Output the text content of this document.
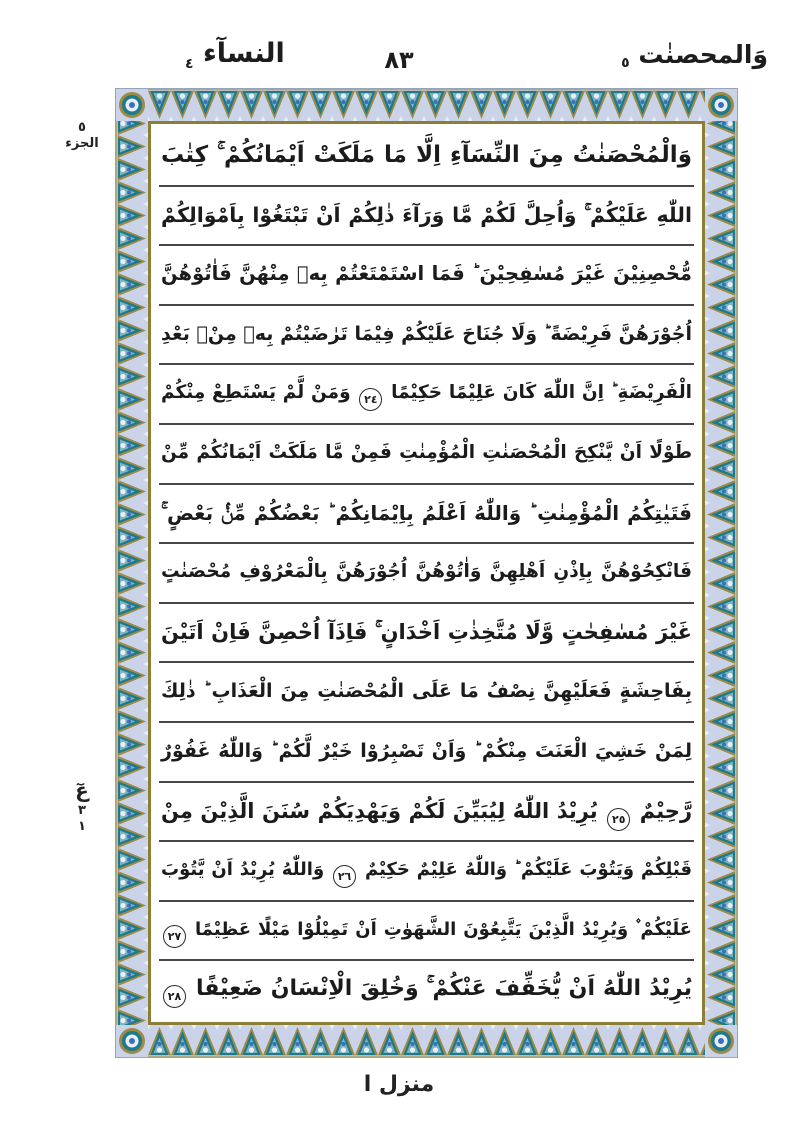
وَالمحصنٰت ٥
٨٣
النسآء $_٤$
٥
الجزء
عٓ
٣
١
وَالْمُحْصَنٰتُ مِنَ النِّسَآءِ اِلَّا مَا مَلَكَتْ اَيْمَانُكُمْ ۚ كِتٰبَ
اللّٰهِ عَلَيْكُمْ ۚ وَاُحِلَّ لَكُمْ مَّا وَرَآءَ ذٰلِكُمْ اَنْ تَبْتَغُوْا بِاَمْوَالِكُمْ
مُّحْصِنِيْنَ غَيْرَ مُسٰفِحِيْنَ ؕ فَمَا اسْتَمْتَعْتُمْ بِهٖ مِنْهُنَّ فَاٰتُوْهُنَّ
اُجُوْرَهُنَّ فَرِيْضَةً ؕ وَلَا جُنَاحَ عَلَيْكُمْ فِيْمَا تَرٰضَيْتُمْ بِهٖ مِنْۢ بَعْدِ
الْفَرِيْضَةِ ؕ اِنَّ اللّٰهَ كَانَ عَلِيْمًا حَكِيْمًا ٢٤ وَمَنْ لَّمْ يَسْتَطِعْ مِنْكُمْ
طَوْلًا اَنْ يَّنْكِحَ الْمُحْصَنٰتِ الْمُؤْمِنٰتِ فَمِنْ مَّا مَلَكَتْ اَيْمَانُكُمْ مِّنْ
فَتَيٰتِكُمُ الْمُؤْمِنٰتِ ؕ وَاللّٰهُ اَعْلَمُ بِاِيْمَانِكُمْ ؕ بَعْضُكُمْ مِّنْۢ بَعْضٍ ۚ
فَانْكِحُوْهُنَّ بِاِذْنِ اَهْلِهِنَّ وَاٰتُوْهُنَّ اُجُوْرَهُنَّ بِالْمَعْرُوْفِ مُحْصَنٰتٍ
غَيْرَ مُسٰفِحٰتٍ وَّلَا مُتَّخِذٰتِ اَخْدَانٍ ۚ فَاِذَآ اُحْصِنَّ فَاِنْ اَتَيْنَ
بِفَاحِشَةٍ فَعَلَيْهِنَّ نِصْفُ مَا عَلَى الْمُحْصَنٰتِ مِنَ الْعَذَابِ ؕ ذٰلِكَ
لِمَنْ خَشِيَ الْعَنَتَ مِنْكُمْ ؕ وَاَنْ تَصْبِرُوْا خَيْرٌ لَّكُمْ ؕ وَاللّٰهُ غَفُوْرٌ
رَّحِيْمٌ ٢٥ يُرِيْدُ اللّٰهُ لِيُبَيِّنَ لَكُمْ وَيَهْدِيَكُمْ سُنَنَ الَّذِيْنَ مِنْ
قَبْلِكُمْ وَيَتُوْبَ عَلَيْكُمْ ؕ وَاللّٰهُ عَلِيْمٌ حَكِيْمٌ ٢٦ وَاللّٰهُ يُرِيْدُ اَنْ يَّتُوْبَ
عَلَيْكُمْ ۫ وَيُرِيْدُ الَّذِيْنَ يَتَّبِعُوْنَ الشَّهَوٰتِ اَنْ تَمِيْلُوْا مَيْلًا عَظِيْمًا ٢٧
يُرِيْدُ اللّٰهُ اَنْ يُّخَفِّفَ عَنْكُمْ ۚ وَخُلِقَ الْاِنْسَانُ ضَعِيْفًا ٢٨
منزل ا
